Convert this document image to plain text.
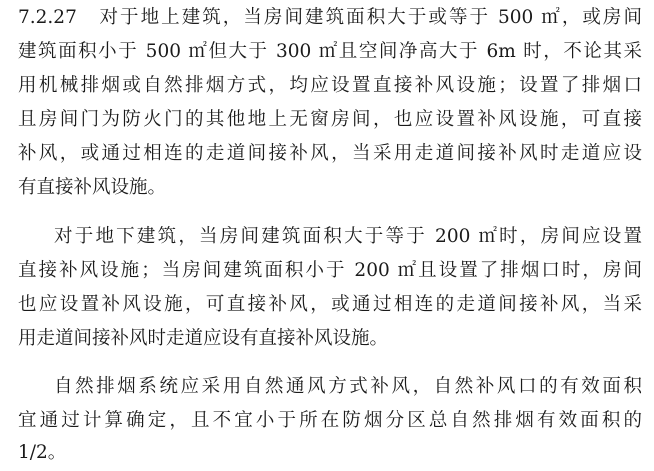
7.2.27　对于地上建筑，当房间建筑面积大于或等于 500 ㎡，或房间
建筑面积小于 500 ㎡但大于 300 ㎡且空间净高大于 6m 时，不论其采
用机械排烟或自然排烟方式，均应设置直接补风设施；设置了排烟口
且房间门为防火门的其他地上无窗房间，也应设置补风设施，可直接
补风，或通过相连的走道间接补风，当采用走道间接补风时走道应设
有直接补风设施。
对于地下建筑，当房间建筑面积大于等于 200 ㎡时，房间应设置
直接补风设施；当房间建筑面积小于 200 ㎡且设置了排烟口时，房间
也应设置补风设施，可直接补风，或通过相连的走道间接补风，当采
用走道间接补风时走道应设有直接补风设施。
自然排烟系统应采用自然通风方式补风，自然补风口的有效面积
宜通过计算确定，且不宜小于所在防烟分区总自然排烟有效面积的
1/2。
